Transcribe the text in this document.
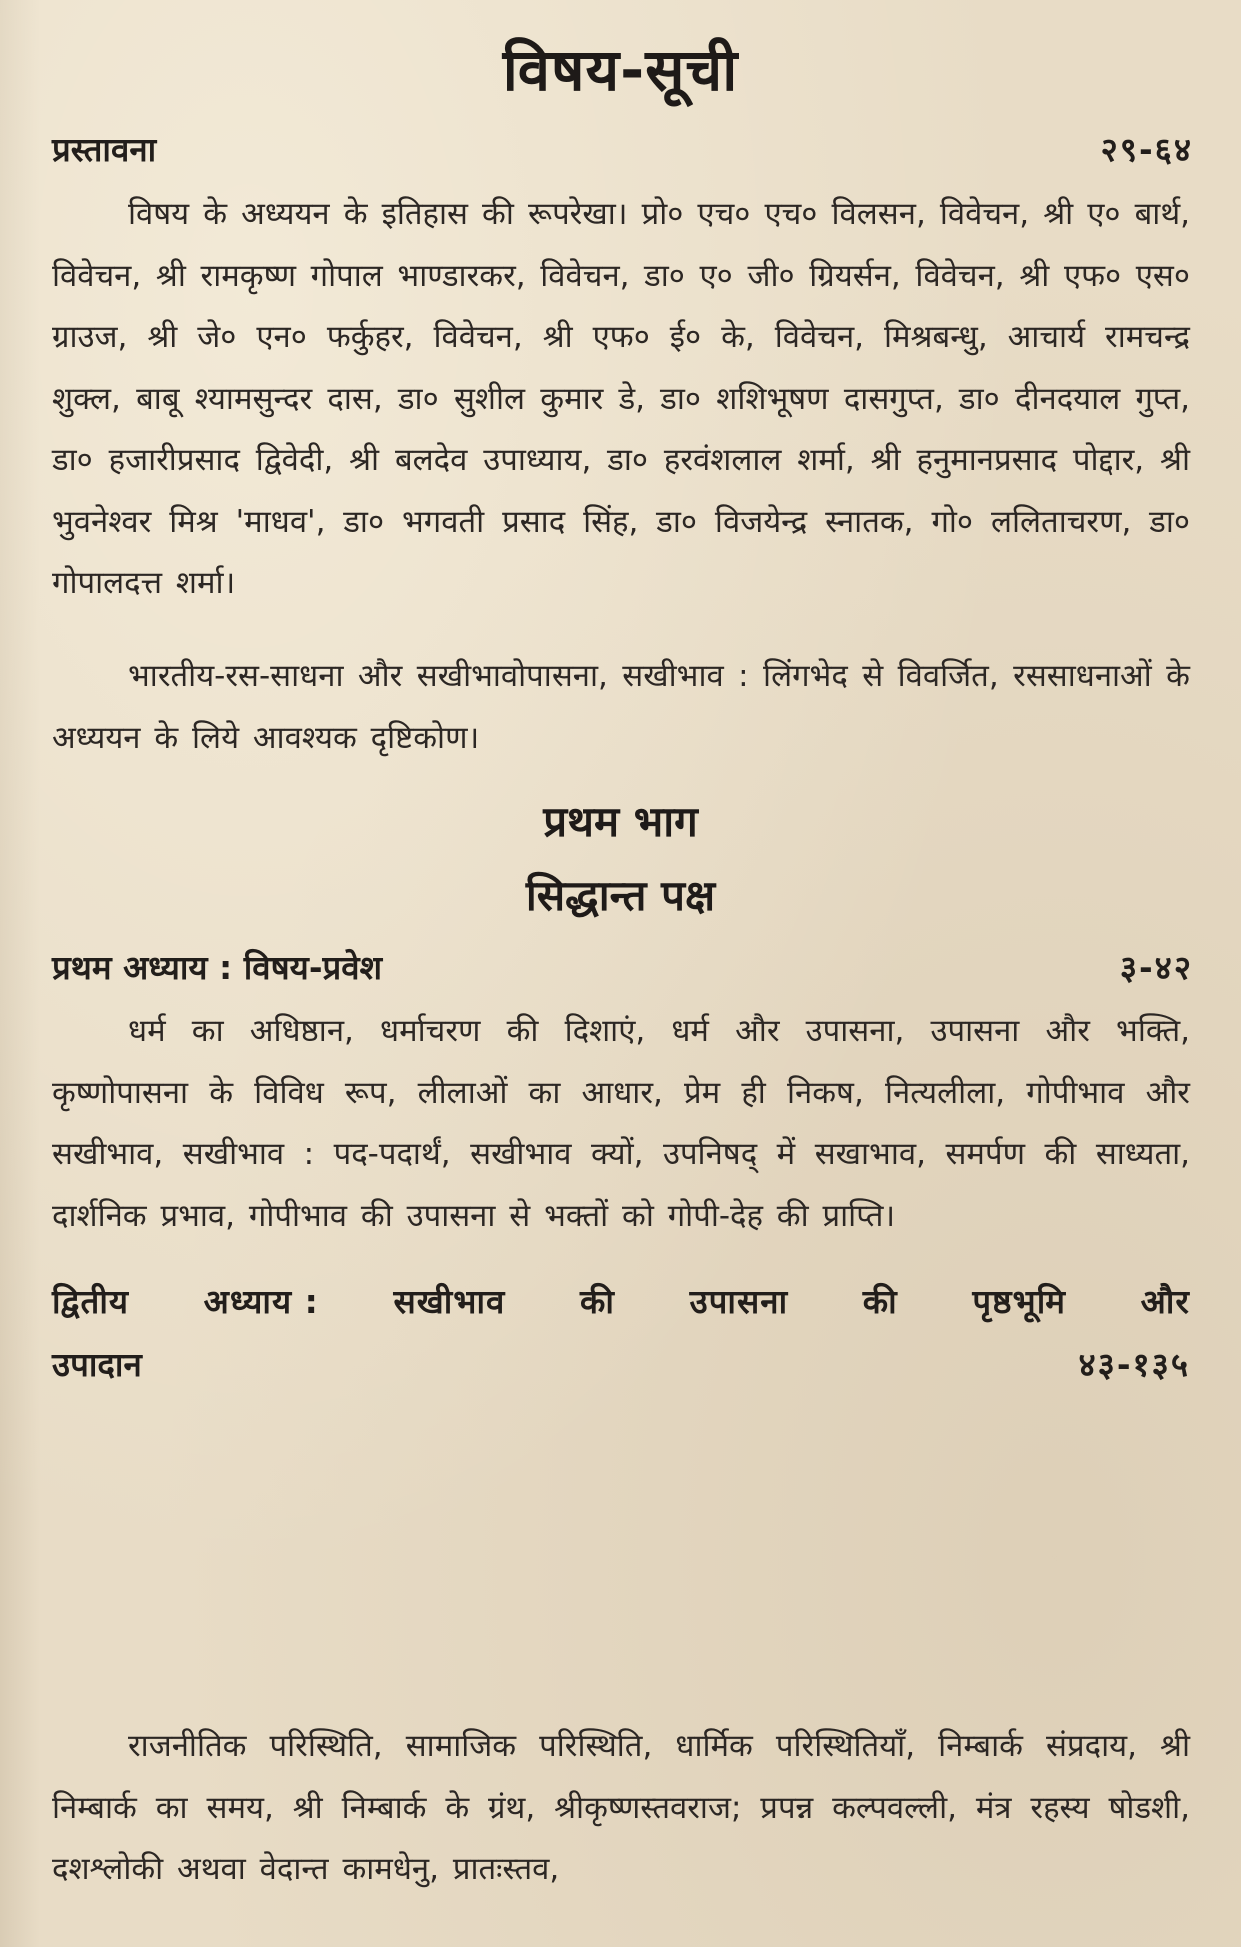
विषय-सूची
प्रस्तावना	२९-६४

विषय के अध्ययन के इतिहास की रूपरेखा। प्रो० एच० एच० विलसन, विवेचन, श्री ए० बार्थ, विवेचन, श्री रामकृष्ण गोपाल भाण्डारकर, विवेचन, डा० ए० जी० ग्रियर्सन, विवेचन, श्री एफ० एस० ग्राउज, श्री जे० एन० फर्कुहर, विवेचन, श्री एफ० ई० के, विवेचन, मिश्रबन्धु, आचार्य रामचन्द्र शुक्ल, बाबू श्यामसुन्दर दास, डा० सुशील कुमार डे, डा० शशिभूषण दासगुप्त, डा० दीनदयाल गुप्त, डा० हजारीप्रसाद द्विवेदी, श्री बलदेव उपाध्याय, डा० हरवंशलाल शर्मा, श्री हनुमानप्रसाद पोद्दार, श्री भुवनेश्वर मिश्र 'माधव', डा० भगवती प्रसाद सिंह, डा० विजयेन्द्र स्नातक, गो० ललिताचरण, डा० गोपालदत्त शर्मा।

भारतीय-रस-साधना और सखीभावोपासना, सखीभाव : लिंगभेद से विवर्जित, रससाधनाओं के अध्ययन के लिये आवश्यक दृष्टिकोण।

प्रथम भाग
सिद्धान्त पक्ष
प्रथम अध्याय : विषय-प्रवेश	३-४२

धर्म का अधिष्ठान, धर्माचरण की दिशाएं, धर्म और उपासना, उपासना और भक्ति, कृष्णोपासना के विविध रूप, लीलाओं का आधार, प्रेम ही निकष, नित्यलीला, गोपीभाव और सखीभाव, सखीभाव : पद-पदार्थं, सखीभाव क्यों, उपनिषद् में सखाभाव, समर्पण की साध्यता, दार्शनिक प्रभाव, गोपीभाव की उपासना से भक्तों को गोपी-देह की प्राप्ति।

द्वितीय अध्याय : सखीभाव की उपासना की पृष्ठभूमि और
उपादान	४३-१३५

राजनीतिक परिस्थिति, सामाजिक परिस्थिति, धार्मिक परिस्थितियाँ, निम्बार्क संप्रदाय, श्री निम्बार्क का समय, श्री निम्बार्क के ग्रंथ, श्रीकृष्णस्तवराज; प्रपन्न कल्पवल्ली, मंत्र रहस्य षोडशी, दशश्लोकी अथवा वेदान्त कामधेनु, प्रातःस्तव,
